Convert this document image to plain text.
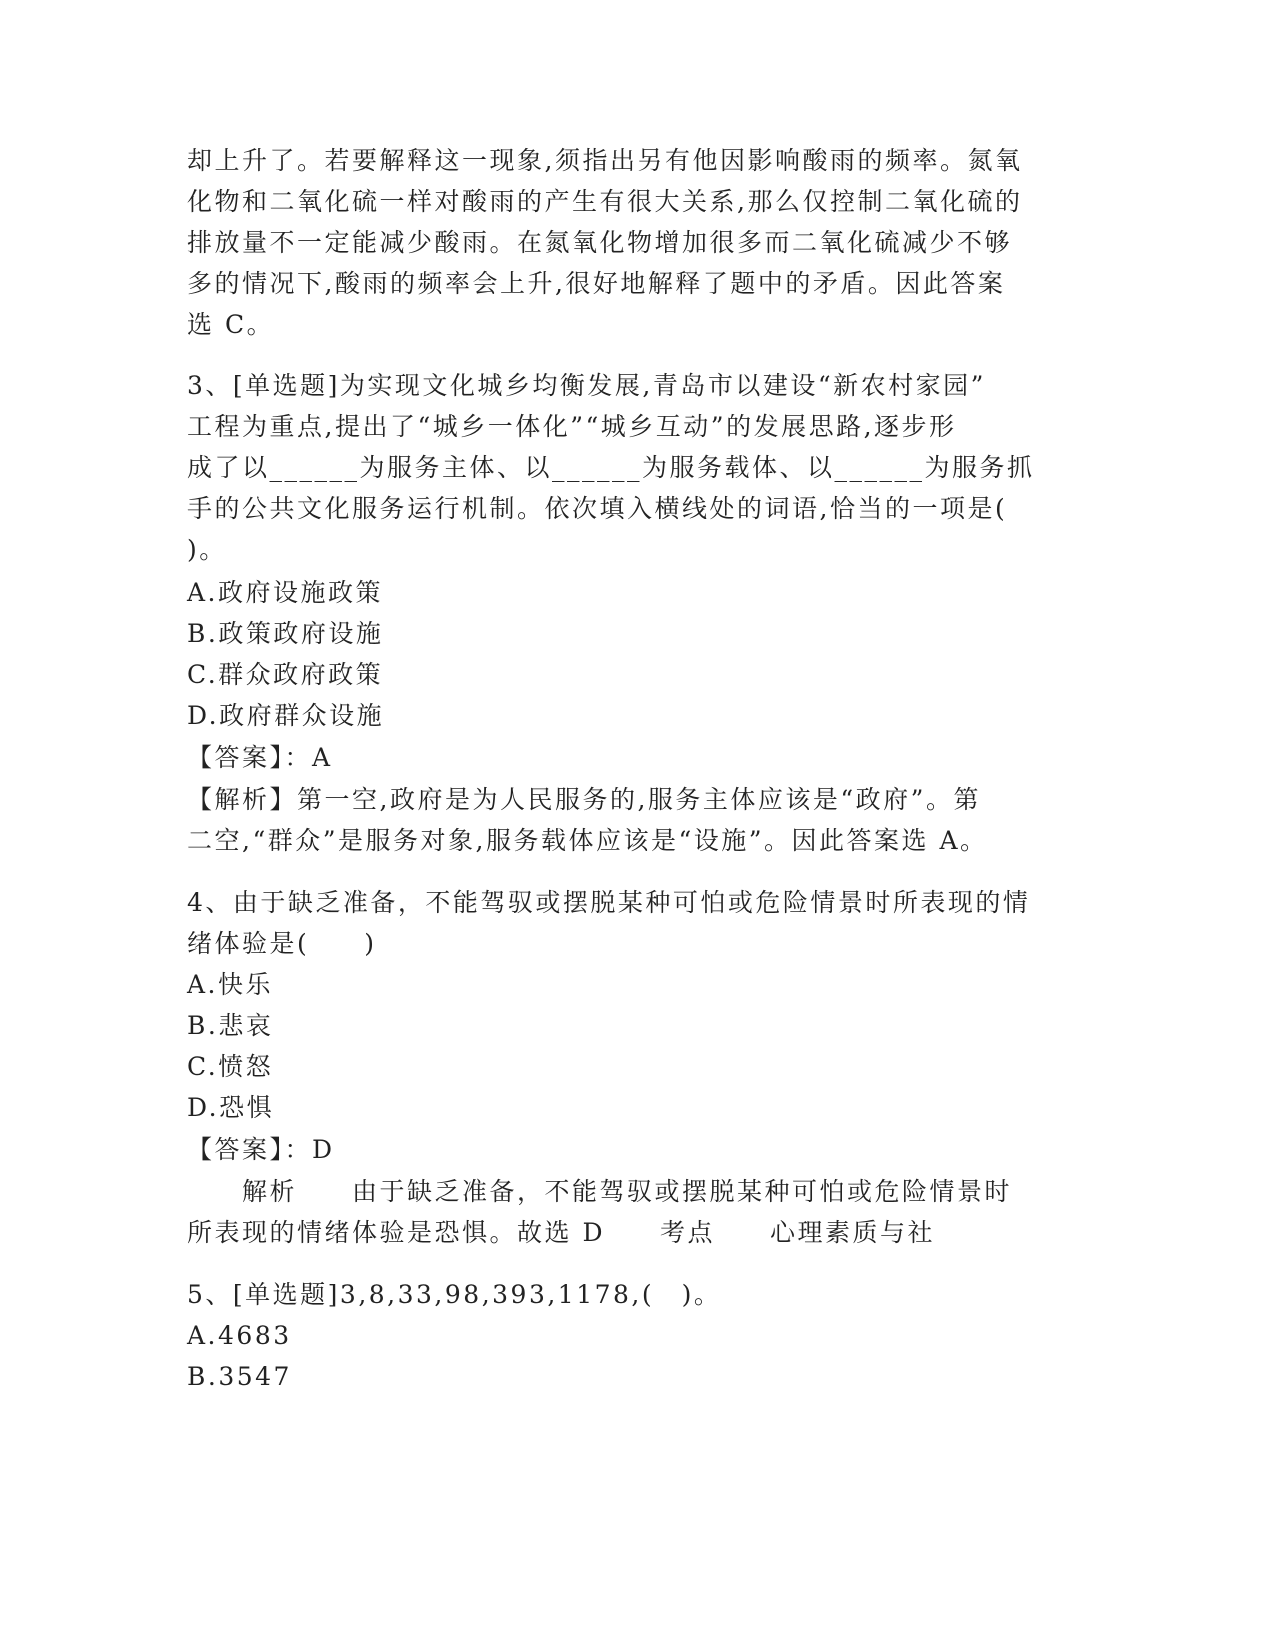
却上升了。若要解释这一现象,须指出另有他因影响酸雨的频率。氮氧
化物和二氧化硫一样对酸雨的产生有很大关系,那么仅控制二氧化硫的
排放量不一定能减少酸雨。在氮氧化物增加很多而二氧化硫减少不够
多的情况下,酸雨的频率会上升,很好地解释了题中的矛盾。因此答案
选 C。
3、[单选题]为实现文化城乡均衡发展,青岛市以建设“新农村家园”
工程为重点,提出了“城乡一体化”“城乡互动”的发展思路,逐步形
成了以______为服务主体、以______为服务载体、以______为服务抓
手的公共文化服务运行机制。依次填入横线处的词语,恰当的一项是(
)。
A.政府设施政策
B.政策政府设施
C.群众政府政策
D.政府群众设施
【答案】：A
【解析】第一空,政府是为人民服务的,服务主体应该是“政府”。第
二空,“群众”是服务对象,服务载体应该是“设施”。因此答案选 A。
4、由于缺乏准备，不能驾驭或摆脱某种可怕或危险情景时所表现的情
绪体验是(　　)
A.快乐
B.悲哀
C.愤怒
D.恐惧
【答案】：D
　　解析　　由于缺乏准备，不能驾驭或摆脱某种可怕或危险情景时
所表现的情绪体验是恐惧。故选 D　　考点　　心理素质与社
5、[单选题]3,8,33,98,393,1178,(　)。
A.4683
B.3547
